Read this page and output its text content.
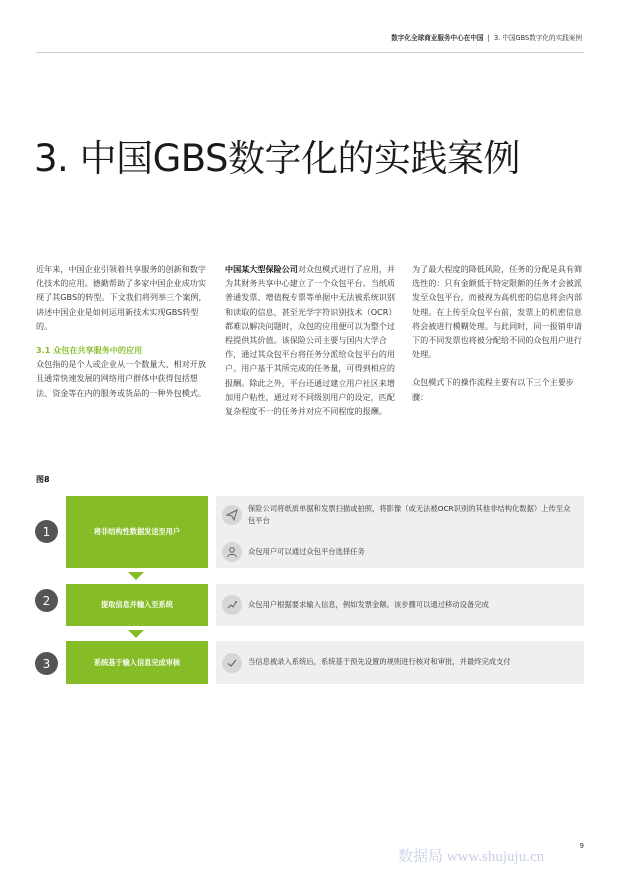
数字化全球商业服务中心在中国 | 3. 中国GBS数字化的实践案例
3. 中国GBS数字化的实践案例

近年来，中国企业引领着共享服务的创新和数字化技术的应用。德勤帮助了多家中国企业成功实现了其GBS的转型。下文我们将列举三个案例，讲述中国企业是如何运用新技术实现GBS转型的。

3.1 众包在共享服务中的应用

众包指的是个人或企业从一个数量大、相对开放且通常快速发展的网络用户群体中获得包括想法、资金等在内的服务或货品的一种外包模式。

中国某大型保险公司对众包模式进行了应用，并为其财务共享中心建立了一个众包平台。当纸质普通发票、增值税专票等单据中无法被系统识别和读取的信息，甚至光学字符识别技术（OCR）都难以解决问题时，众包的应用便可以为整个过程提供其价值。该保险公司主要与国内大学合作，通过其众包平台将任务分派给众包平台的用户。用户基于其所完成的任务量，可得到相应的报酬。除此之外，平台还通过建立用户社区来增加用户粘性，通过对不同级别用户的设定，匹配复杂程度不一的任务并对应不同程度的报酬。

为了最大程度的降低风险，任务的分配是具有筛选性的：只有金额低于特定限额的任务才会被派发至众包平台，而被视为高机密的信息将会内部处理。在上传至众包平台前，发票上的机密信息将会被进行模糊处理。与此同时，同一报销申请下的不同发票也将被分配给不同的众包用户进行处理。

众包模式下的操作流程主要有以下三个主要步骤：

图8
1	将非结构性数据发送至用户
保险公司将纸质单据和发票扫描或拍照，将影像（或无法被OCR识别的其他非结构化数据）上传至众包平台
众包用户可以通过众包平台选择任务
2	提取信息并输入至系统	众包用户根据要求输入信息，例如发票金额。该步骤可以通过移动设备完成
3	系统基于输入信息完成审核	当信息被录入系统后，系统基于预先设置的规则进行核对和审批，并最终完成支付
9
数据局 www.shujuju.cn
